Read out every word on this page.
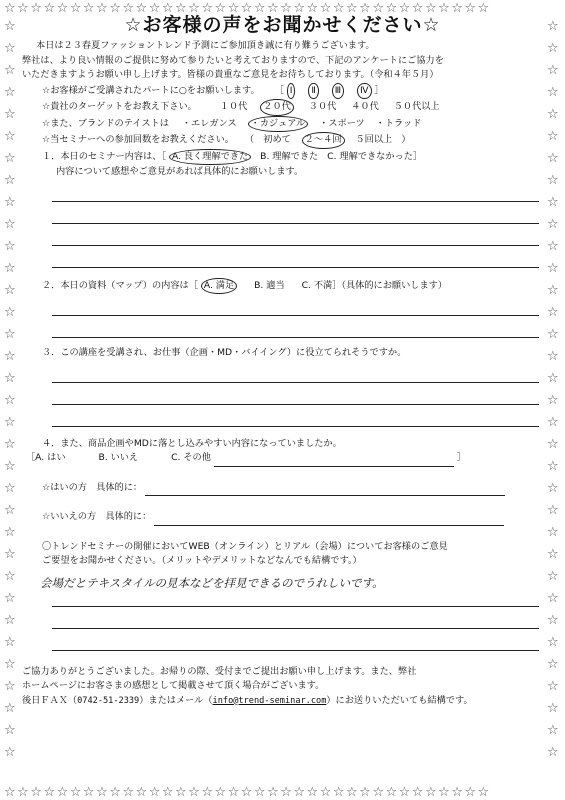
☆☆☆☆☆☆☆☆☆☆☆☆☆☆☆☆☆☆☆☆☆☆☆☆☆☆☆☆☆☆☆☆☆☆☆☆☆
☆☆☆☆☆☆☆☆☆☆☆☆☆☆☆☆☆☆☆☆☆☆☆☆☆☆☆☆☆☆☆☆☆☆☆☆☆
☆
☆
☆
☆
☆
☆
☆
☆
☆
☆
☆
☆
☆
☆
☆
☆
☆
☆
☆
☆
☆
☆
☆
☆
☆
☆
☆
☆
☆
☆
☆
☆
☆
☆
☆
☆
☆
☆
☆
☆
☆
☆
☆
☆
☆
☆
☆
☆
☆
☆
☆
☆
☆
☆
☆
☆
☆
☆
☆
☆
☆
☆
☆
☆
☆
☆
☆
☆
☆お客様の声をお聞かせください☆

本日は２３春夏ファッショントレンド予測にご参加頂き誠に有り難うございます。

弊社は、より良い情報のご提供に努めて参りたいと考えておりますので、下記のアンケートにご協力を

いただきますようお願い申し上げます。皆様の貴重なご意見をお待ちしております。（令和４年５月）

☆お客様がご受講されたパートに○をお願いします。 ［ Ⅰ Ⅱ Ⅲ Ⅳ ］
☆貴社のターゲットをお教え下さい。 １０代 ２０代 ３０代 ４０代 ５０代以上
☆また、ブランドのテイストは ・エレガンス ・カジュアル ・スポーツ ・トラッド
☆当セミナーへの参加回数をお教えください。 （　初めて ２～４回 ５回以上　）
１．本日のセミナー内容は、［ A. 良く理解できた B. 理解できた C. 理解できなかった］
内容について感想やご意見があれば具体的にお願いします。
２．本日の資料（マップ）の内容は［ A. 満足 B. 適当 C. 不満］（具体的にお願いします）
３．この講座を受講され、お仕事（企画・MD・バイイング）に役立てられそうですか。
４．また、商品企画やMDに落とし込みやすい内容になっていましたか。
［A. はい	B. いいえ	C. その他	］
☆はいの方　具体的に：
☆いいえの方　具体的に：
〇トレンドセミナーの開催においてWEB（オンライン）とリアル（会場）についてお客様のご意見
ご要望をお聞かせください。（メリットやデメリットなどなんでも結構です。）
会場だとテキスタイルの見本などを拝見できるのでうれしいです。
ご協力ありがとうございました。お帰りの際、受付までご提出お願い申し上げます。また、弊社
ホームページにお客さまの感想として掲載させて頂く場合がございます。
後日ＦＡＸ（0742-51-2339）またはメール（info@trend-seminar.com）にお送りいただいても結構です。
